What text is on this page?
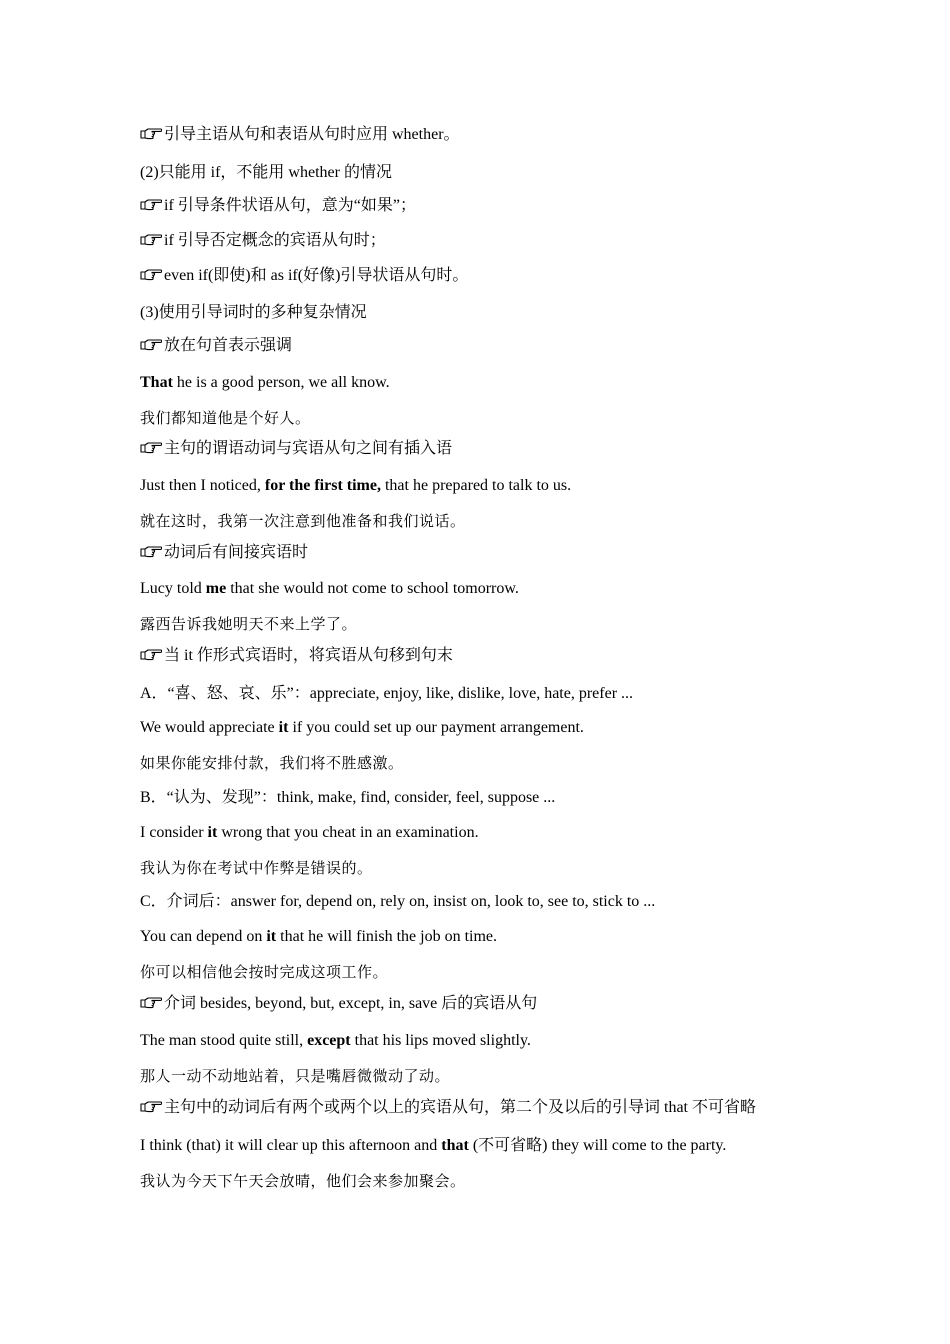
引导主语从句和表语从句时应用 whether。
(2)只能用 if，不能用 whether 的情况
if 引导条件状语从句，意为“如果”；
if 引导否定概念的宾语从句时；
even if(即使)和 as if(好像)引导状语从句时。
(3)使用引导词时的多种复杂情况
放在句首表示强调
That he is a good person, we all know.
我们都知道他是个好人。
主句的谓语动词与宾语从句之间有插入语
Just then I noticed, for the first time, that he prepared to talk to us.
就在这时，我第一次注意到他准备和我们说话。
动词后有间接宾语时
Lucy told me that she would not come to school tomorrow.
露西告诉我她明天不来上学了。
当 it 作形式宾语时，将宾语从句移到句末
A．“喜、怒、哀、乐”：appreciate, enjoy, like, dislike, love, hate, prefer ...
We would appreciate it if you could set up our payment arrangement.
如果你能安排付款，我们将不胜感激。
B．“认为、发现”：think, make, find, consider, feel, suppose ...
I consider it wrong that you cheat in an examination.
我认为你在考试中作弊是错误的。
C．介词后：answer for, depend on, rely on, insist on, look to, see to, stick to ...
You can depend on it that he will finish the job on time.
你可以相信他会按时完成这项工作。
介词 besides, beyond, but, except, in, save 后的宾语从句
The man stood quite still, except that his lips moved slightly.
那人一动不动地站着，只是嘴唇微微动了动。
主句中的动词后有两个或两个以上的宾语从句，第二个及以后的引导词 that 不可省略
I think (that) it will clear up this afternoon and that (不可省略) they will come to the party.
我认为今天下午天会放晴，他们会来参加聚会。
